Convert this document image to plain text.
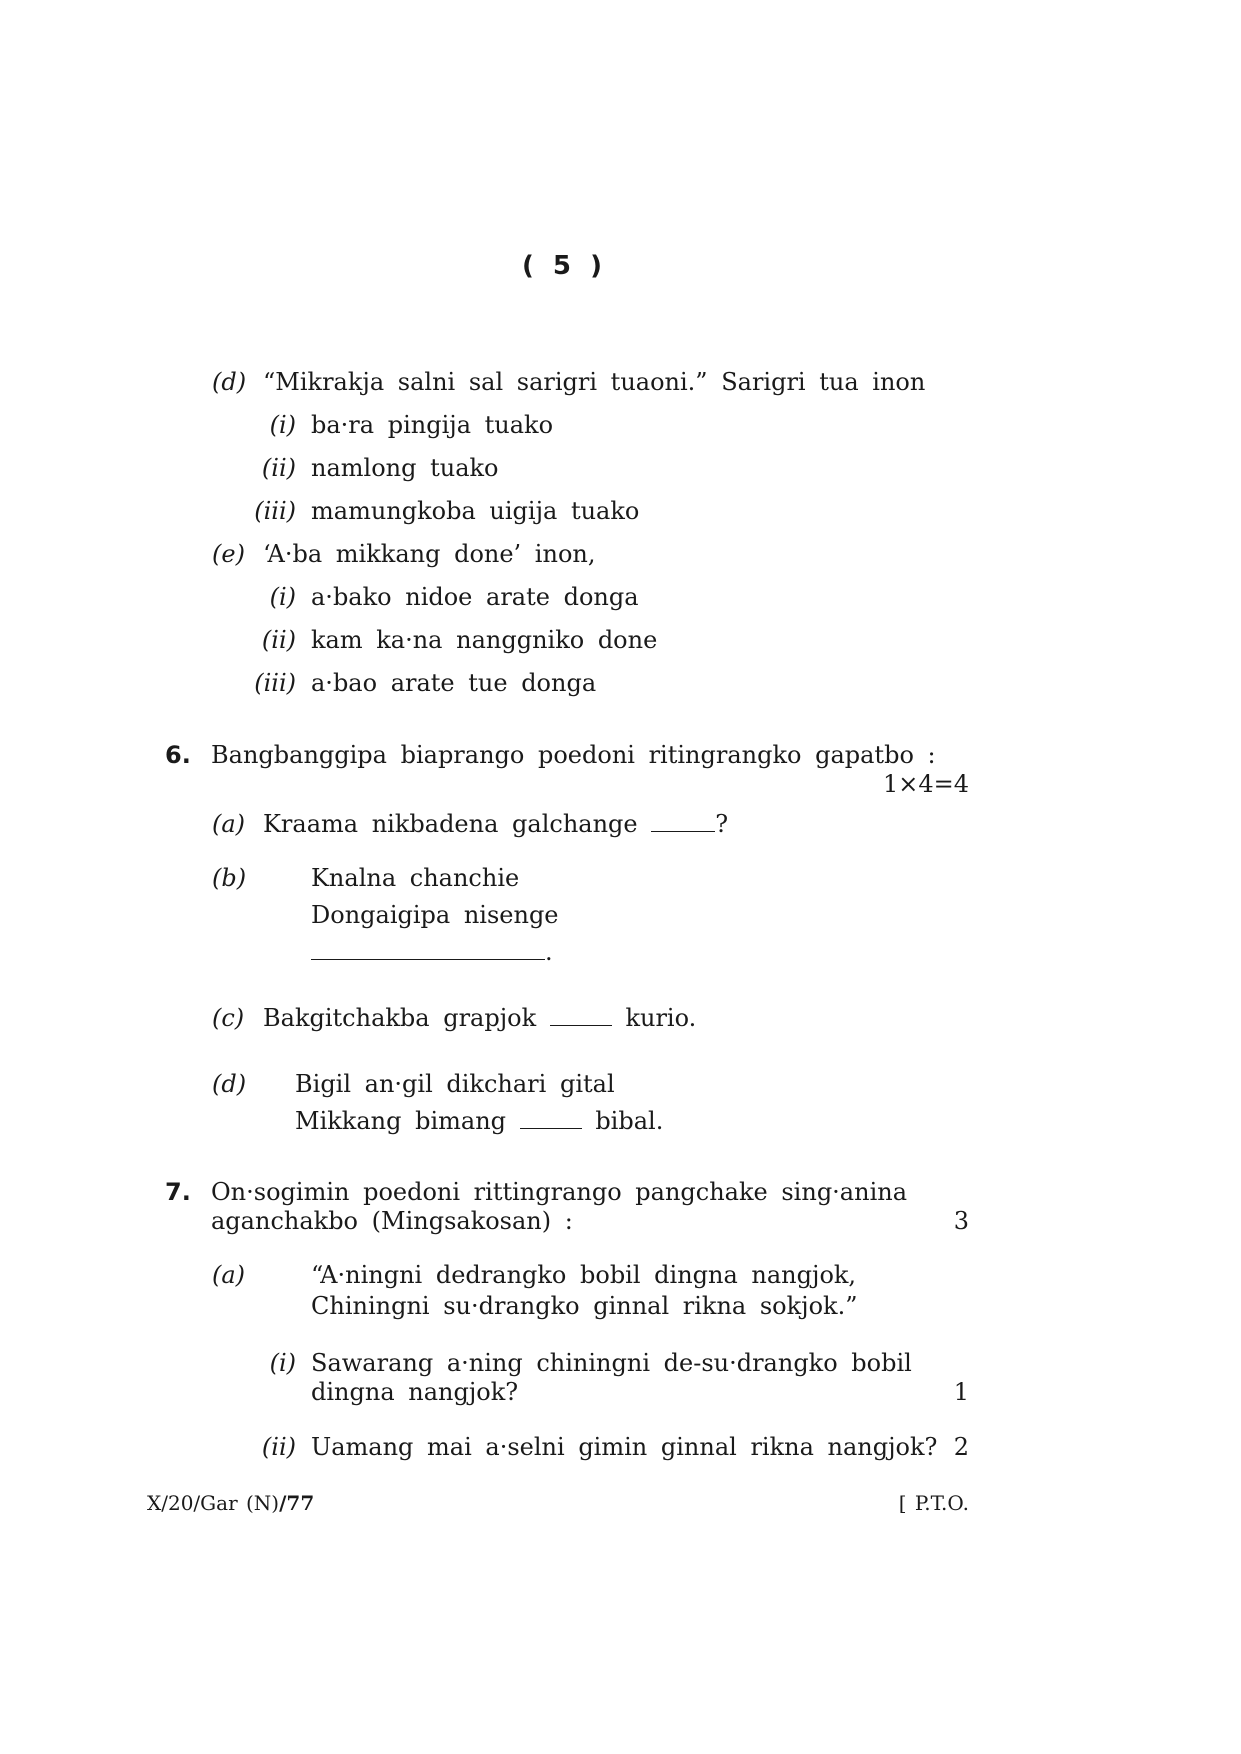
( 5 )
(d) “Mikrakja salni sal sarigri tuaoni.” Sarigri tua inon
(i) ba·ra pingija tuako
(ii) namlong tuako
(iii) mamungkoba uigija tuako
(e) ‘A·ba mikkang done’ inon,
(i) a·bako nidoe arate donga
(ii) kam ka·na nanggniko done
(iii) a·bao arate tue donga
6. Bangbanggipa biaprango poedoni ritingrangko gapatbo :
1×4=4
(a) Kraama nikbadena galchange	?
(b)	Knalna chanchie
Dongaigipa nisenge
.
(c) Bakgitchakba grapjok	kurio.
(d) Bigil an·gil dikchari gital
Mikkang bimang	bibal.
7. On·sogimin poedoni rittingrango pangchake sing·anina
aganchakbo (Mingsakosan) :	3
(a)	“A·ningni dedrangko bobil dingna nangjok,
Chiningni su·drangko ginnal rikna sokjok.”
(i) Sawarang a·ning chiningni de-su·drangko bobil
dingna nangjok?	1
(ii) Uamang mai a·selni gimin ginnal rikna nangjok? 2
X/20/Gar (N)/77	[ P.T.O.
